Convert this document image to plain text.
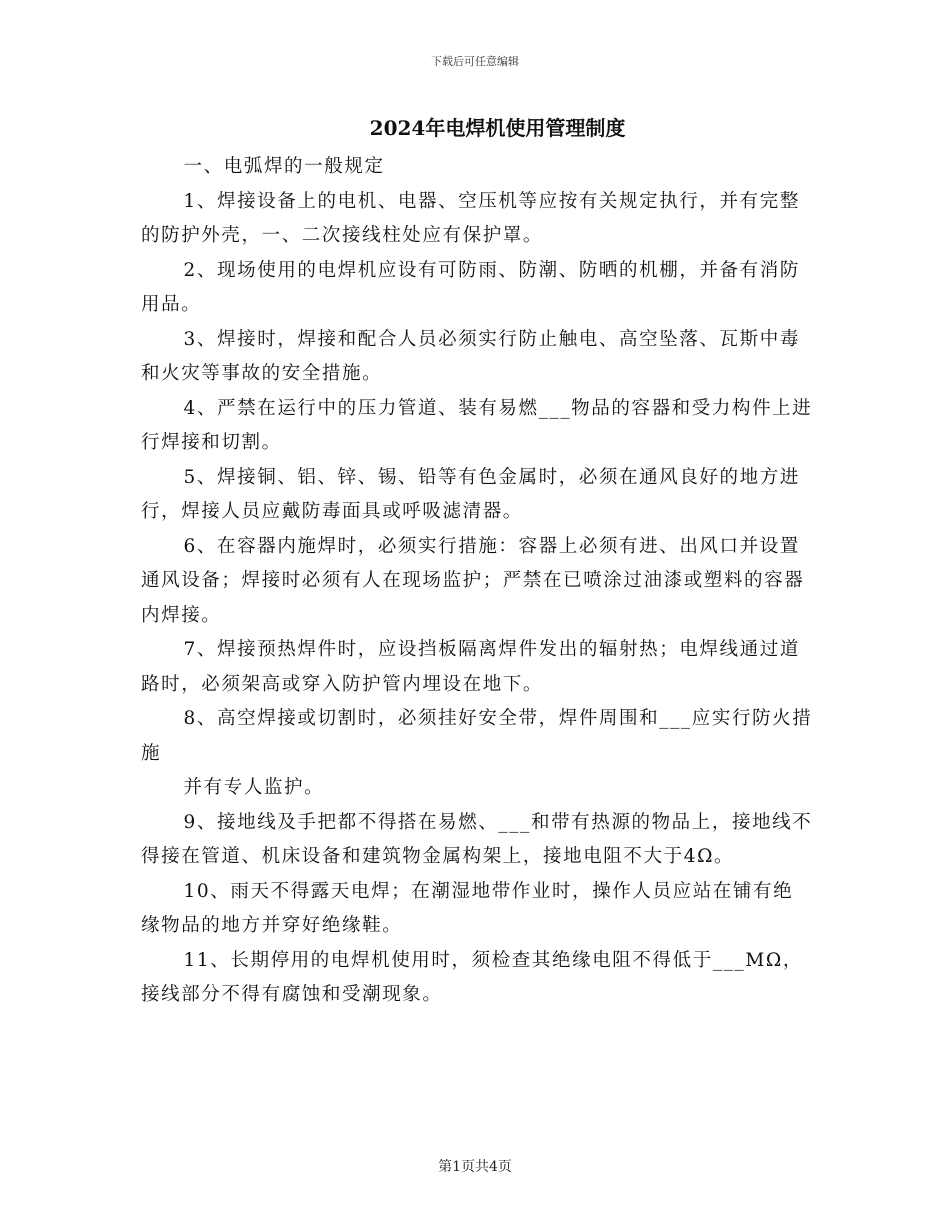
下载后可任意编辑
2024年电焊机使用管理制度

一、电弧焊的一般规定

1、焊接设备上的电机、电器、空压机等应按有关规定执行，并有完整的防护外壳，一、二次接线柱处应有保护罩。

2、现场使用的电焊机应设有可防雨、防潮、防晒的机棚，并备有消防用品。

3、焊接时，焊接和配合人员必须实行防止触电、高空坠落、瓦斯中毒和火灾等事故的安全措施。

4、严禁在运行中的压力管道、装有易燃___物品的容器和受力构件上进行焊接和切割。

5、焊接铜、铝、锌、锡、铅等有色金属时，必须在通风良好的地方进行，焊接人员应戴防毒面具或呼吸滤清器。

6、在容器内施焊时，必须实行措施：容器上必须有进、出风口并设置通风设备；焊接时必须有人在现场监护；严禁在已喷涂过油漆或塑料的容器内焊接。

7、焊接预热焊件时，应设挡板隔离焊件发出的辐射热；电焊线通过道路时，必须架高或穿入防护管内埋设在地下。

8、高空焊接或切割时，必须挂好安全带，焊件周围和___应实行防火措施

并有专人监护。

9、接地线及手把都不得搭在易燃、___和带有热源的物品上，接地线不得接在管道、机床设备和建筑物金属构架上，接地电阻不大于4Ω。

10、雨天不得露天电焊；在潮湿地带作业时，操作人员应站在铺有绝缘物品的地方并穿好绝缘鞋。

11、长期停用的电焊机使用时，须检查其绝缘电阻不得低于___MΩ，接线部分不得有腐蚀和受潮现象。

第1页共4页
